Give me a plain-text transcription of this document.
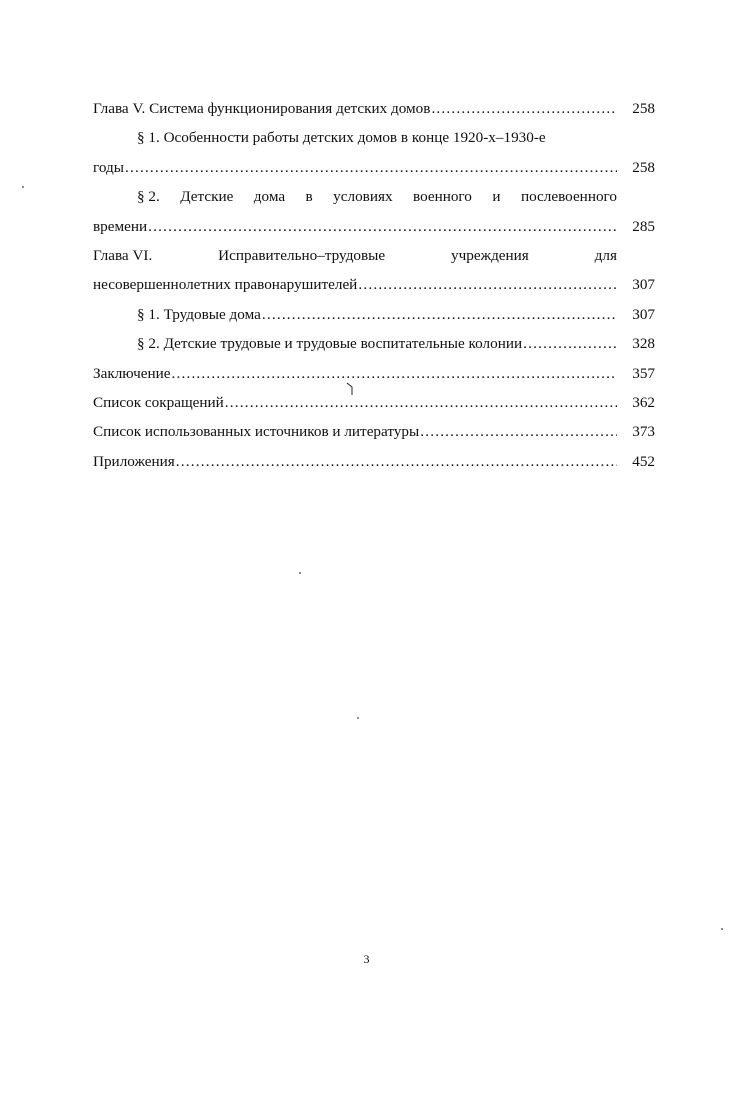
Глава V. Система функционирования детских домов .....	258
§ 1. Особенности работы детских домов в конце 1920-х–1930-е
годы .....	258
§ 2. Детские дома в условиях военного и послевоенного
времени .....	285
Глава VI.	Исправительно–трудовые	учреждения	для
несовершеннолетних правонарушителей .....	307
§ 1. Трудовые дома .....	307
§ 2. Детские трудовые и трудовые воспитательные колонии .....	328
Заключение .....	357
Список сокращений .....	362
Список использованных источников и литературы .....	373
Приложения .....	452
3
